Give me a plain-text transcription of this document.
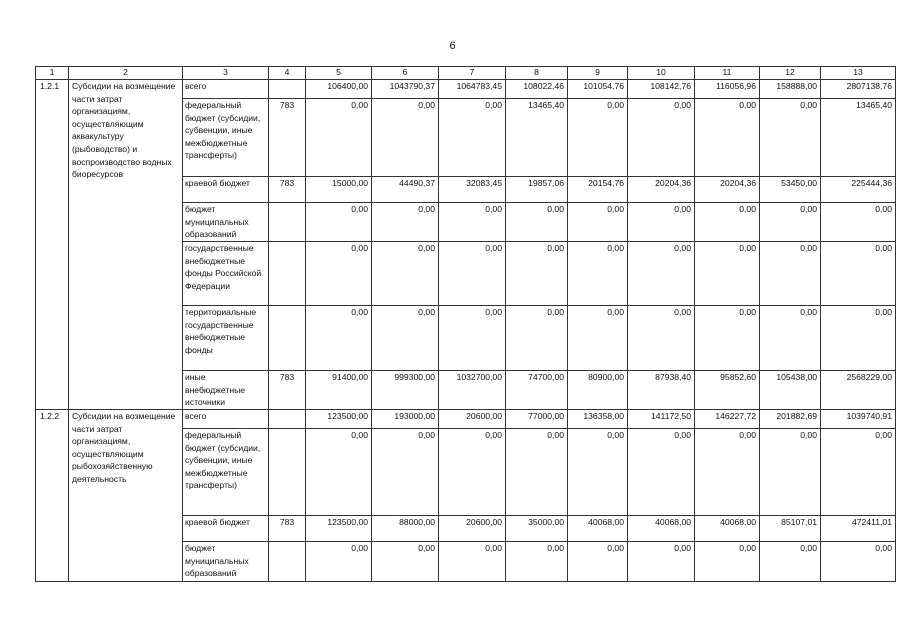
6
1	2	3	4	5	6	7	8	9	10	11	12	13
1.2.1	Субсидии на возмещение части затрат организациям, осуществляющим аквакультуру (рыбоводство) и воспроизводство водных биоресурсов	всего		106400,00	1043790,37	1064783,45	108022,46	101054,76	108142,76	116056,96	158888,00	2807138,76
		федеральный бюджет (субсидии, субвенции, иные межбюджетные трансферты)	783	0,00	0,00	0,00	13465,40	0,00	0,00	0,00	0,00	13465,40
		краевой бюджет	783	15000,00	44490,37	32083,45	19857,06	20154,76	20204,36	20204,36	53450,00	225444,36
		бюджет муниципальных образований		0,00	0,00	0,00	0,00	0,00	0,00	0,00	0,00	0,00
		государственные внебюджетные фонды Российской Федерации		0,00	0,00	0,00	0,00	0,00	0,00	0,00	0,00	0,00
		территориальные государственные внебюджетные фонды		0,00	0,00	0,00	0,00	0,00	0,00	0,00	0,00	0,00
		иные внебюджетные источники	783	91400,00	999300,00	1032700,00	74700,00	80900,00	87938,40	95852,60	105438,00	2568229,00
1.2.2	Субсидии на возмещение части затрат организациям, осуществляющим рыбохозяйственную деятельность	всего		123500,00	193000,00	20600,00	77000,00	136358,00	141172,50	146227,72	201882,69	1039740,91
		федеральный бюджет (субсидии, субвенции, иные межбюджетные трансферты)		0,00	0,00	0,00	0,00	0,00	0,00	0,00	0,00	0,00
		краевой бюджет	783	123500,00	88000,00	20600,00	35000,00	40068,00	40068,00	40068,00	85107,01	472411,01
		бюджет муниципальных образований		0,00	0,00	0,00	0,00	0,00	0,00	0,00	0,00	0,00
